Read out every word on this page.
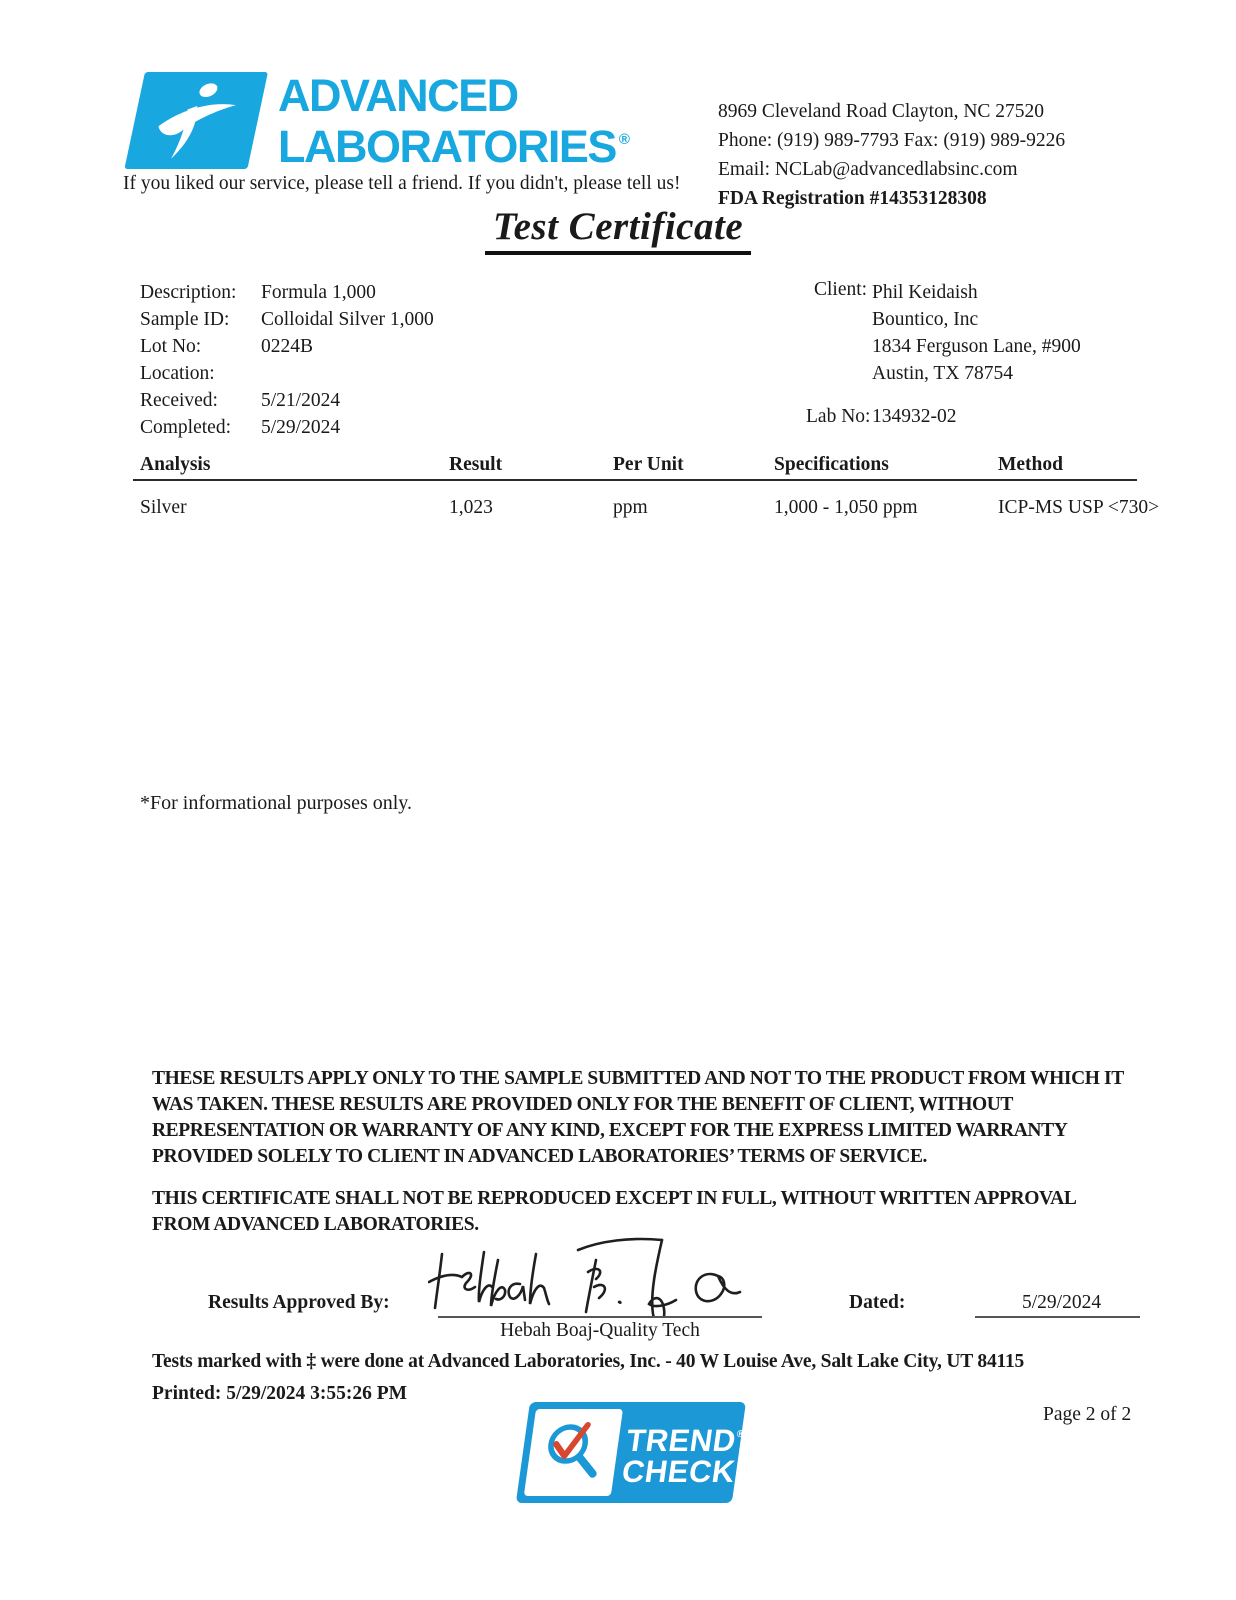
ADVANCED
LABORATORIES ®
If you liked our service, please tell a friend. If you didn't, please tell us!
8969 Cleveland Road Clayton, NC 27520
Phone: (919) 989-7793 Fax: (919) 989-9226
Email: NCLab@advancedlabsinc.com
FDA Registration #14353128308
Test Certificate
Description: Formula 1,000
Sample ID: Colloidal Silver 1,000
Lot No:	0224B
Location:
Received: 5/21/2024
Completed: 5/29/2024
Client: Phil Keidaish
Bountico, Inc
1834 Ferguson Lane, #900
Austin, TX 78754
Lab No: 134932-02
Analysis	Result	Per Unit	Specifications	Method
Silver	1,023	ppm	1,000 - 1,050 ppm	ICP-MS USP <730>
*For informational purposes only.
THESE RESULTS APPLY ONLY TO THE SAMPLE SUBMITTED AND NOT TO THE PRODUCT FROM WHICH IT WAS TAKEN. THESE RESULTS ARE PROVIDED ONLY FOR THE BENEFIT OF CLIENT, WITHOUT REPRESENTATION OR WARRANTY OF ANY KIND, EXCEPT FOR THE EXPRESS LIMITED WARRANTY PROVIDED SOLELY TO CLIENT IN ADVANCED LABORATORIES’ TERMS OF SERVICE.
THIS CERTIFICATE SHALL NOT BE REPRODUCED EXCEPT IN FULL, WITHOUT WRITTEN APPROVAL FROM ADVANCED LABORATORIES.
Results Approved By:
Hebah Boaj-Quality Tech
Dated:	5/29/2024
Tests marked with ‡ were done at Advanced Laboratories, Inc. - 40 W Louise Ave, Salt Lake City, UT 84115
Printed: 5/29/2024 3:55:26 PM
Page 2 of 2
TREND®
CHECK
